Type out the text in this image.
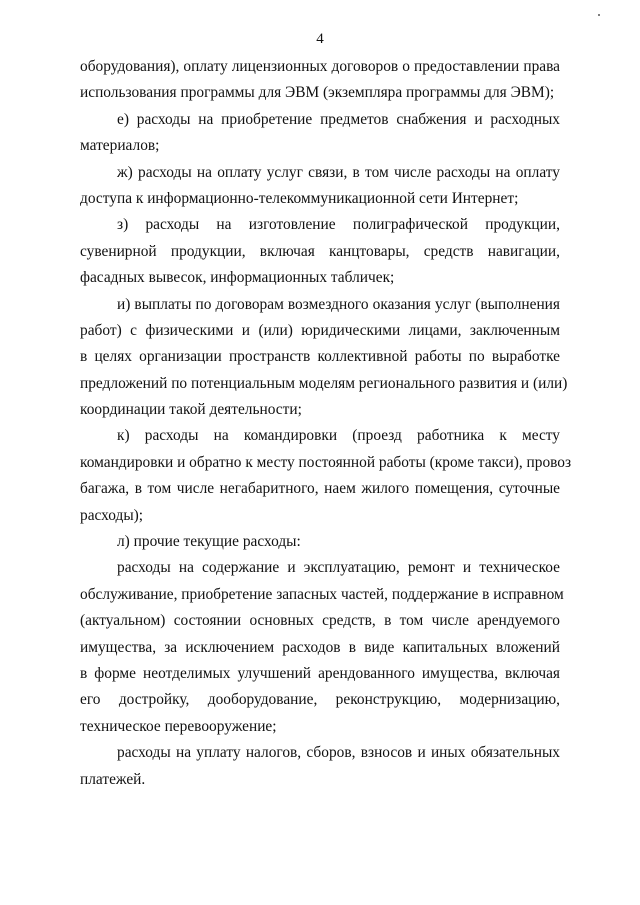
4
оборудования), оплату лицензионных договоров о предоставлении права
использования программы для ЭВМ (экземпляра программы для ЭВМ);
е) расходы на приобретение предметов снабжения и расходных
материалов;
ж) расходы на оплату услуг связи, в том числе расходы на оплату
доступа к информационно-телекоммуникационной сети Интернет;
з) расходы на изготовление полиграфической продукции,
сувенирной продукции, включая канцтовары, средств навигации,
фасадных вывесок, информационных табличек;
и) выплаты по договорам возмездного оказания услуг (выполнения
работ) с физическими и (или) юридическими лицами, заключенным
в целях организации пространств коллективной работы по выработке
предложений по потенциальным моделям регионального развития и (или)
координации такой деятельности;
к) расходы на командировки (проезд работника к месту
командировки и обратно к месту постоянной работы (кроме такси), провоз
багажа, в том числе негабаритного, наем жилого помещения, суточные
расходы);
л) прочие текущие расходы:
расходы на содержание и эксплуатацию, ремонт и техническое
обслуживание, приобретение запасных частей, поддержание в исправном
(актуальном) состоянии основных средств, в том числе арендуемого
имущества, за исключением расходов в виде капитальных вложений
в форме неотделимых улучшений арендованного имущества, включая
его достройку, дооборудование, реконструкцию, модернизацию,
техническое перевооружение;
расходы на уплату налогов, сборов, взносов и иных обязательных
платежей.
